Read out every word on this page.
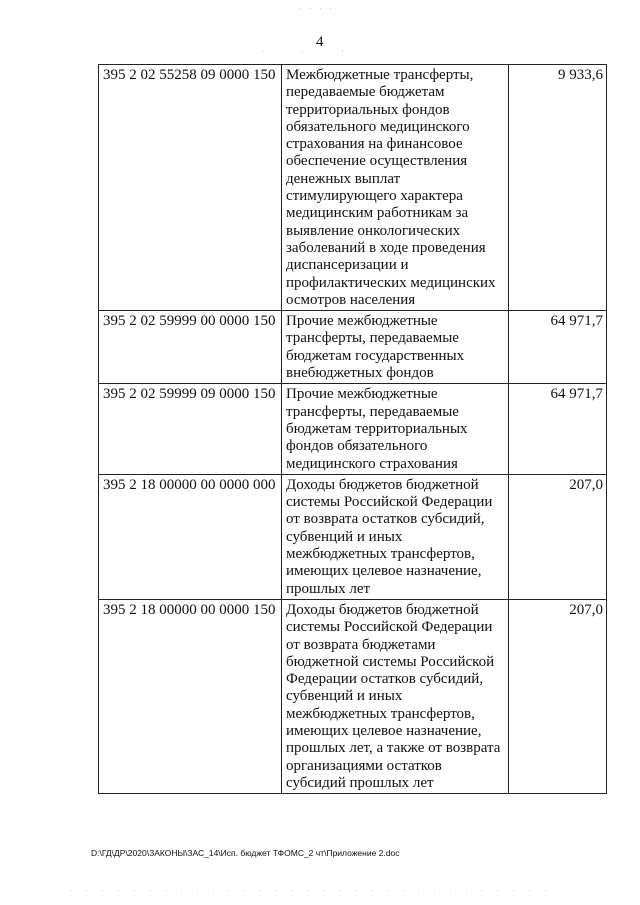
· · · ·
' · '
· · · · · · · · · · · · · · · · · · · · · · · · · · · · · · ·
4
395 2 02 55258 09 0000 150	Межбюджетные трансферты, передаваемые бюджетам территориальных фондов обязательного медицинского страхования на финансовое обеспечение осуществления денежных выплат стимулирующего характера медицинским работникам за выявление онкологических заболеваний в ходе проведения диспансеризации и профилактических медицинских осмотров населения	9 933,6
395 2 02 59999 00 0000 150	Прочие межбюджетные трансферты, передаваемые бюджетам государственных внебюджетных фондов	64 971,7
395 2 02 59999 09 0000 150	Прочие межбюджетные трансферты, передаваемые бюджетам территориальных фондов обязательного медицинского страхования	64 971,7
395 2 18 00000 00 0000 000	Доходы бюджетов бюджетной системы Российской Федерации от возврата остатков субсидий, субвенций и иных межбюджетных трансфертов, имеющих целевое назначение, прошлых лет	207,0
395 2 18 00000 00 0000 150	Доходы бюджетов бюджетной системы Российской Федерации от возврата бюджетами бюджетной системы Российской Федерации остатков субсидий, субвенций и иных межбюджетных трансфертов, имеющих целевое назначение, прошлых лет, а также от возврата организациями остатков субсидий прошлых лет	207,0
D:\ГД\ДР\2020\ЗАКОНЫ\ЗАС_14\Исп. бюджет ТФОМС_2 чт\Приложение 2.doc
